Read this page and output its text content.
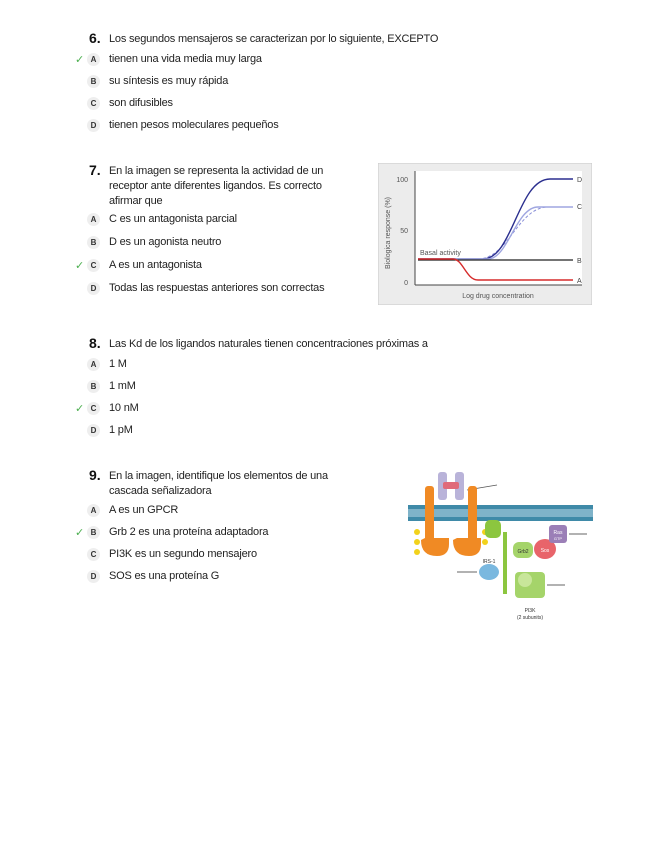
6. Los segundos mensajeros se caracterizan por lo siguiente, EXCEPTO
✓ A	tienen una vida media muy larga
B	su síntesis es muy rápida
C	son difusibles
D	tienen pesos moleculares pequeños
7. En la imagen se representa la actividad de un
receptor ante diferentes ligandos. Es correcto
afirmar que
A	C es un antagonista parcial
B	D es un agonista neutro
✓ C	A es un antagonista
D	Todas las respuestas anteriores son correctas
100
50
0
Biologica response (%)
Log drug concentration
Basal activity
D
C
B
A
8. Las Kd de los ligandos naturales tienen concentraciones próximas a
A	1 M
B	1 mM
✓ C	10 nM
D	1 pM
9. En la imagen, identifique los elementos de una
cascada señalizadora
A	A es un GPCR
✓ B	Grb 2 es una proteína adaptadora
C	PI3K es un segundo mensajero
D	SOS es una proteína G
Grb2 Sos
Ras
GTP
IRS-1
PI3K
(2 subunits)
